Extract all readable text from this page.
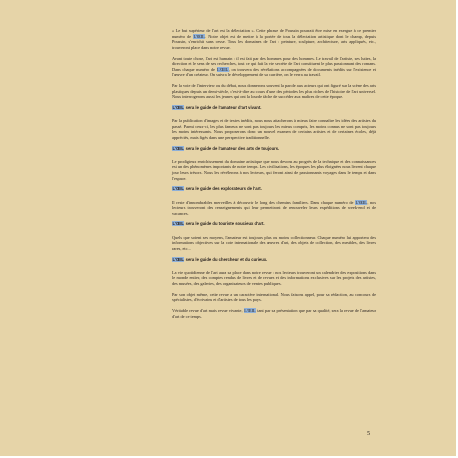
« Le but supérieur de l'art est la délectation ». Cette phrase de Poussin pourrait être mise en exergue à ce premier numéro de L'ŒIL. Notre objet est de mettre à la portée de tous la délectation artistique dont le champ, depuis Poussin, s'enrichit sans cesse. Tous les domaines de l'art : peinture, sculpture, architecture, arts appliqués, etc., trouveront place dans notre revue.

Avant toute chose, l'art est humain : il est fait par des hommes pour des hommes. Le travail de l'artiste, ses luttes, la direction et le sens de ses recherches, tout ce qui fait la vie secrète de l'art constituent le plus passionnant des romans. Dans chaque numéro de L'ŒIL, on trouvera des révélations accompagnées de documents inédits sur l'existence et l'œuvre d'un créateur. On suivra le développement de sa carrière, on le verra au travail.

Par la voie de l'interview ou du débat, nous donnerons souvent la parole aux acteurs qui ont figuré sur la scène des arts plastiques depuis un demi-siècle, c'est-à-dire au cours d'une des périodes les plus riches de l'histoire de l'art universel. Nous interrogerons aussi les jeunes qui ont la lourde tâche de succéder aux maîtres de cette époque.

L'ŒIL sera le guide de l'amateur d'art vivant.

Par la publication d'images et de textes inédits, nous nous attacherons à mieux faire connaître les idées des artistes du passé. Parmi ceux-ci, les plus fameux ne sont pas toujours les mieux compris, les moins connus ne sont pas toujours les moins intéressants. Nous proposerons donc un nouvel examen de certains artistes et de certaines écoles, déjà appréciés, mais figés dans une perspective traditionnelle.

L'ŒIL sera le guide de l'amateur des arts de toujours.

Le prodigieux enrichissement du domaine artistique que nous devons au progrès de la technique et des connaissances est un des phénomènes importants de notre temps. Les civilisations, les époques les plus éloignées nous livrent chaque jour leurs trésors. Nous les révélerons à nos lecteurs, qui feront ainsi de passionnants voyages dans le temps et dans l'espace.

L'ŒIL sera le guide des explorateurs de l'art.

Il reste d'innombrables merveilles à découvrir le long des chemins familiers. Dans chaque numéro de L'ŒIL, nos lecteurs trouveront des renseignements qui leur permettront de renouveler leurs expéditions de week-end et de vacances.

L'ŒIL sera le guide du touriste soucieux d'art.

Quels que soient ses moyens, l'amateur est toujours plus ou moins collectionneur. Chaque numéro lui apportera des informations objectives sur la cote internationale des œuvres d'art, des objets de collection, des meubles, des livres rares, etc...

L'ŒIL sera le guide du chercheur et du curieux.

La vie quotidienne de l'art aura sa place dans notre revue : nos lecteurs trouveront un calendrier des expositions dans le monde entier, des comptes rendus de livres et de revues et des informations exclusives sur les projets des artistes, des musées, des galeries, des organisateurs de ventes publiques.

Par son objet même, cette revue a un caractère international. Nous faisons appel, pour sa rédaction, au concours de spécialistes, d'écrivains et d'artistes de tous les pays.

Véritable revue d'art mais revue vivante, L'ŒIL tant par sa présentation que par sa qualité, sera la revue de l'amateur d'art de ce temps.

5
